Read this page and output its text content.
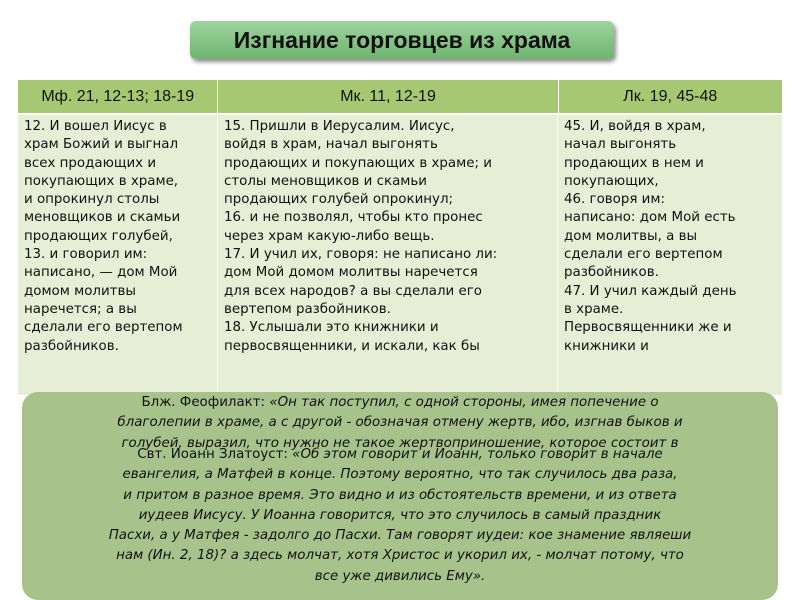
Изгнание торговцев из храма
Мф. 21, 12-13; 18-19	Мк. 11, 12-19	Лк. 19, 45-48
12. И вошел Иисус в
храм Божий и выгнал
всех продающих и
покупающих в храме,
и опрокинул столы
меновщиков и скамьи
продающих голубей,
13. и говорил им:
написано, — дом Мой
домом молитвы
наречется; а вы
сделали его вертепом
разбойников.
15. Пришли в Иерусалим. Иисус,
войдя в храм, начал выгонять
продающих и покупающих в храме; и
столы меновщиков и скамьи
продающих голубей опрокинул;
16. и не позволял, чтобы кто пронес
через храм какую-либо вещь.
17. И учил их, говоря: не написано ли:
дом Мой домом молитвы наречется
для всех народов? а вы сделали его
вертепом разбойников.
18. Услышали это книжники и
первосвященники, и искали, как бы
45. И, войдя в храм,
начал выгонять
продающих в нем и
покупающих,
46. говоря им:
написано: дом Мой есть
дом молитвы, а вы
сделали его вертепом
разбойников.
47. И учил каждый день
в храме.
Первосвященники же и
книжники и
Блж. Феофилакт: «Он так поступил, с одной стороны, имея попечение о
благолепии в храме, а с другой - обозначая отмену жертв, ибо, изгнав быков и
голубей, выразил, что нужно не такое жертвоприношение, которое состоит в
Свт. Иоанн Златоуст: «Об этом говорит и Иоанн, только говорит в начале
евангелия, а Матфей в конце. Поэтому вероятно, что так случилось два раза,
и притом в разное время. Это видно и из обстоятельств времени, и из ответа
иудеев Иисусу. У Иоанна говорится, что это случилось в самый праздник
Пасхи, а у Матфея - задолго до Пасхи. Там говорят иудеи: кое знамение являеши
нам (Ин. 2, 18)? а здесь молчат, хотя Христос и укорил их, - молчат потому, что
все уже дивились Ему».
